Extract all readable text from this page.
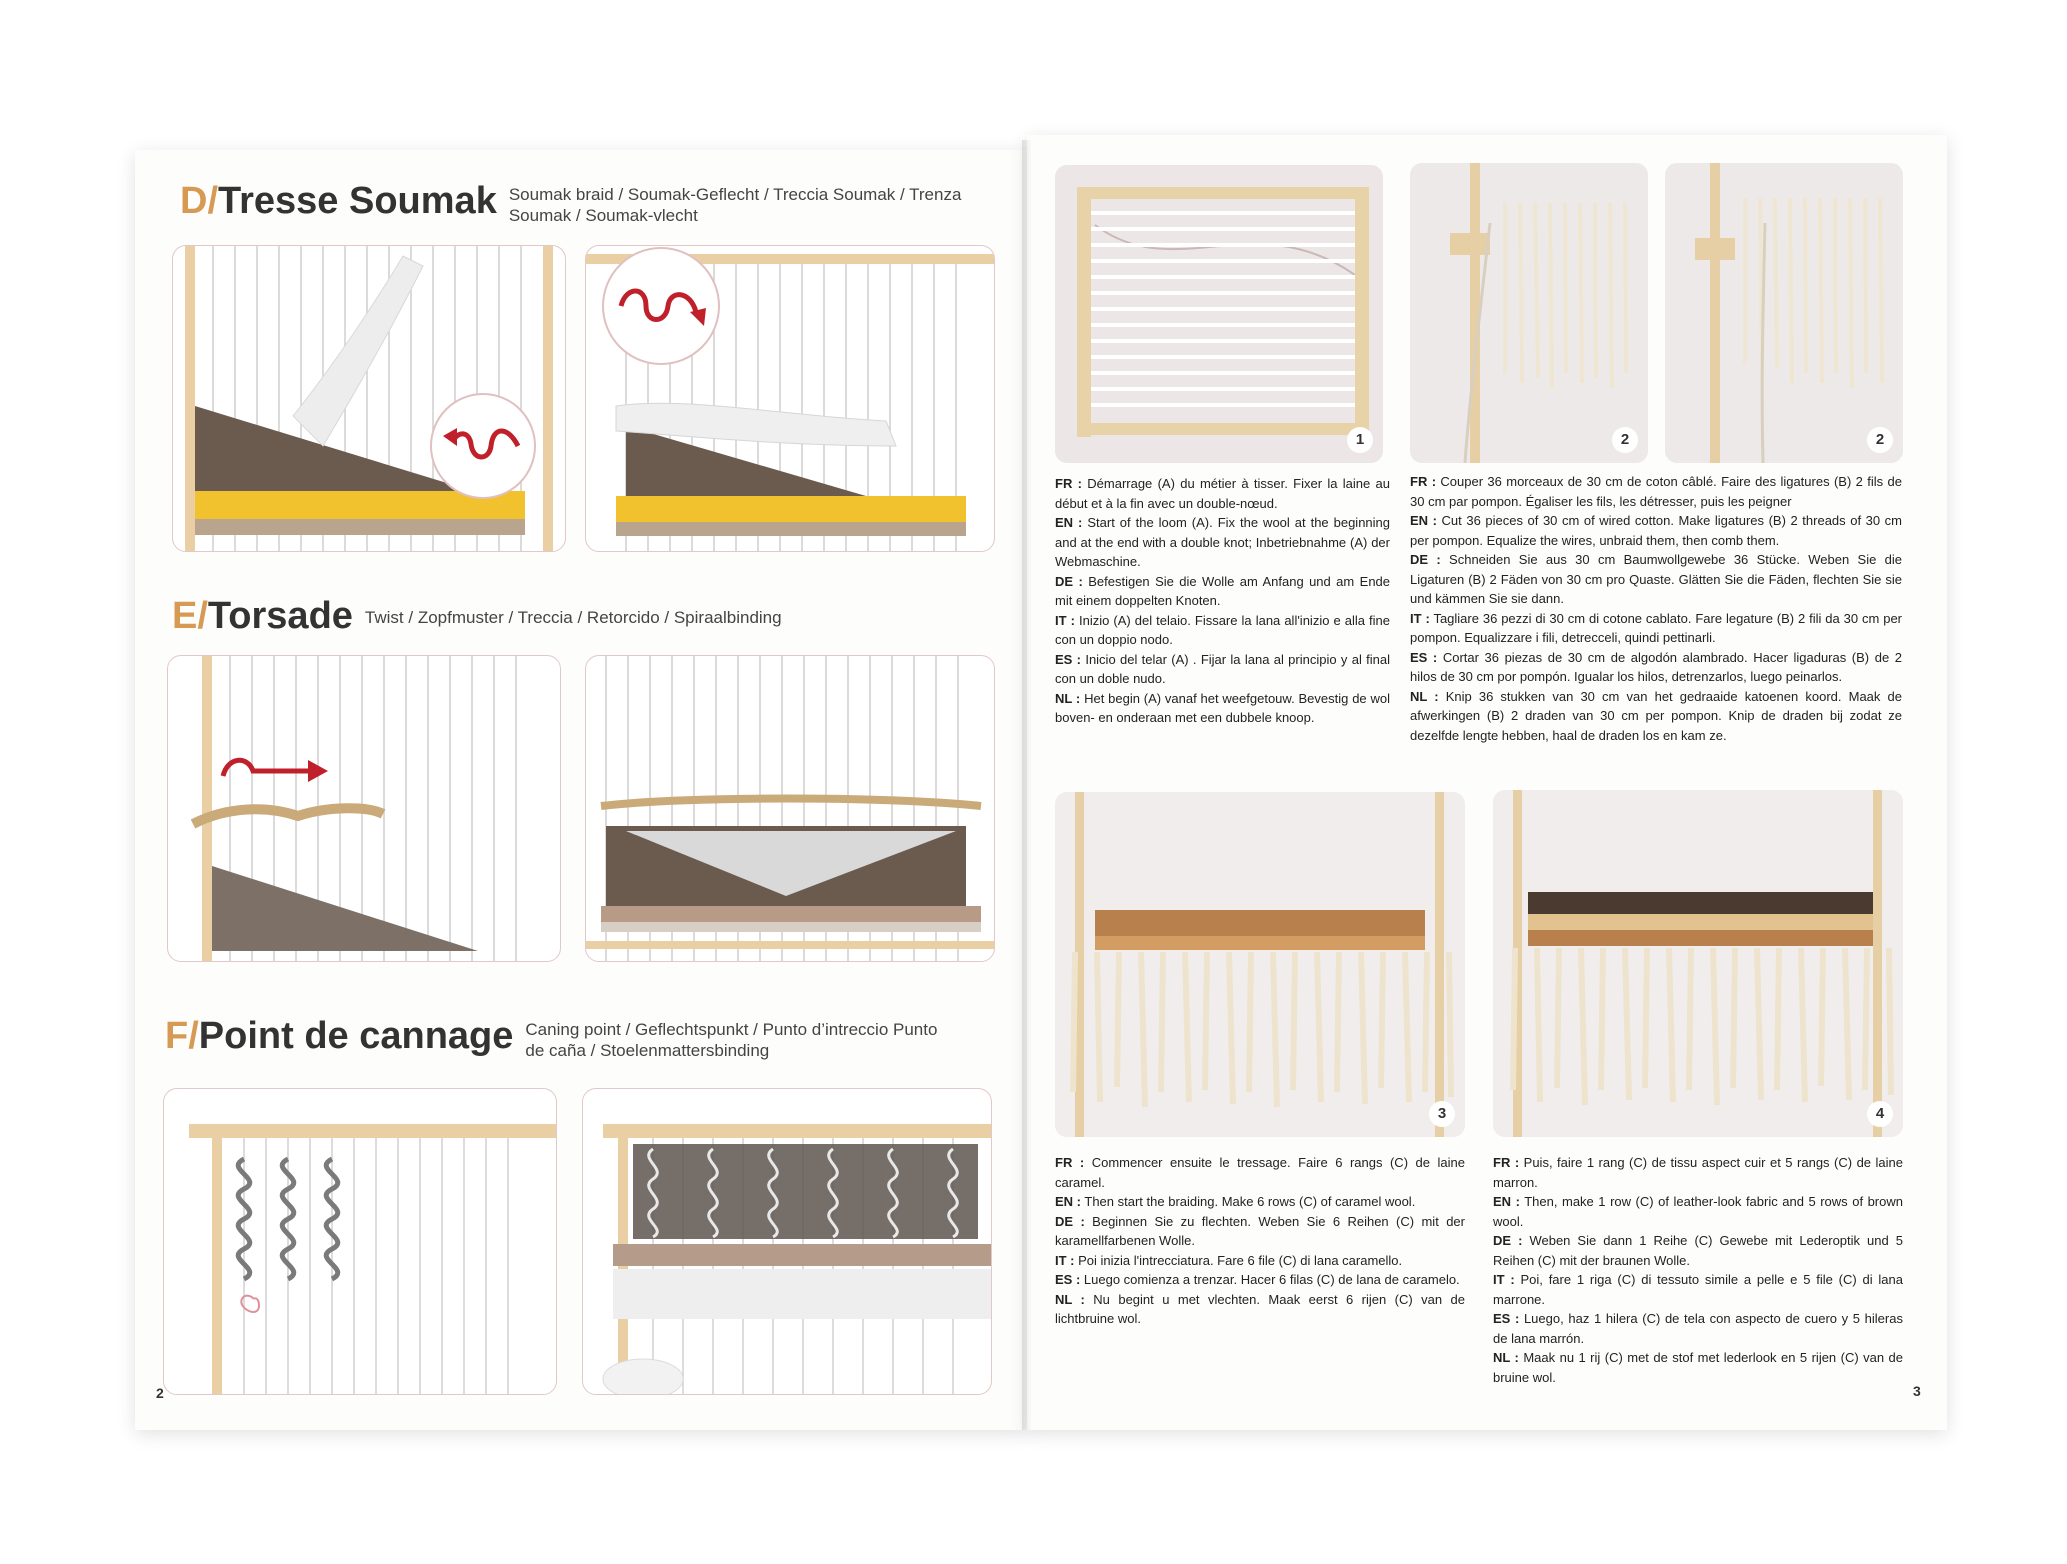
D/ Tresse Soumak Soumak braid / Soumak-Geflecht / Treccia Soumak / Trenza Soumak / Soumak-vlecht
E/ Torsade Twist / Zopfmuster / Treccia / Retorcido / Spiraalbinding
F/ Point de cannage Caning point / Geflechtspunkt / Punto d’intreccio Punto de caña / Stoelenmattersbinding
2
1	2	2
3	4

FR : Démarrage (A) du métier à tisser. Fixer la laine au début et à la fin avec un double-nœud.

EN : Start of the loom (A). Fix the wool at the beginning and at the end with a double knot; Inbetriebnahme (A) der Webmaschine.

DE : Befestigen Sie die Wolle am Anfang und am Ende mit einem doppelten Knoten.

IT : Inizio (A) del telaio. Fissare la lana all'inizio e alla fine con un doppio nodo.

ES : Inicio del telar (A) . Fijar la lana al principio y al final con un doble nudo.

NL : Het begin (A) vanaf het weefgetouw. Bevestig de wol boven- en onderaan met een dubbele knoop.

FR : Couper 36 morceaux de 30 cm de coton câblé. Faire des ligatures (B) 2 fils de 30 cm par pompon. Égaliser les fils, les détresser, puis les peigner

EN : Cut 36 pieces of 30 cm of wired cotton. Make ligatures (B) 2 threads of 30 cm per pompon. Equalize the wires, unbraid them, then comb them.

DE : Schneiden Sie aus 30 cm Baumwollgewebe 36 Stücke. Weben Sie die Ligaturen (B) 2 Fäden von 30 cm pro Quaste. Glätten Sie die Fäden, flechten Sie sie und kämmen Sie sie dann.

IT : Tagliare 36 pezzi di 30 cm di cotone cablato. Fare legature (B) 2 fili da 30 cm per pompon. Equalizzare i fili, detrecceli, quindi pettinarli.

ES : Cortar 36 piezas de 30 cm de algodón alambrado. Hacer ligaduras (B) de 2 hilos de 30 cm por pompón. Igualar los hilos, detrenzarlos, luego peinarlos.

NL : Knip 36 stukken van 30 cm van het gedraaide katoenen koord. Maak de afwerkingen (B) 2 draden van 30 cm per pompon. Knip de draden bij zodat ze dezelfde lengte hebben, haal de draden los en kam ze.

FR : Commencer ensuite le tressage. Faire 6 rangs (C) de laine caramel.

EN : Then start the braiding. Make 6 rows (C) of caramel wool.

DE : Beginnen Sie zu flechten. Weben Sie 6 Reihen (C) mit der karamellfarbenen Wolle.

IT : Poi inizia l'intrecciatura. Fare 6 file (C) di lana caramello.

ES : Luego comienza a trenzar. Hacer 6 filas (C) de lana de caramelo.

NL : Nu begint u met vlechten. Maak eerst 6 rijen (C) van de lichtbruine wol.

FR : Puis, faire 1 rang (C) de tissu aspect cuir et 5 rangs (C) de laine marron.

EN : Then, make 1 row (C) of leather-look fabric and 5 rows of brown wool.

DE : Weben Sie dann 1 Reihe (C) Gewebe mit Lederoptik und 5 Reihen (C) mit der braunen Wolle.

IT : Poi, fare 1 riga (C) di tessuto simile a pelle e 5 file (C) di lana marrone.

ES : Luego, haz 1 hilera (C) de tela con aspecto de cuero y 5 hileras de lana marrón.

NL : Maak nu 1 rij (C) met de stof met lederlook en 5 rijen (C) van de bruine wol.

3
